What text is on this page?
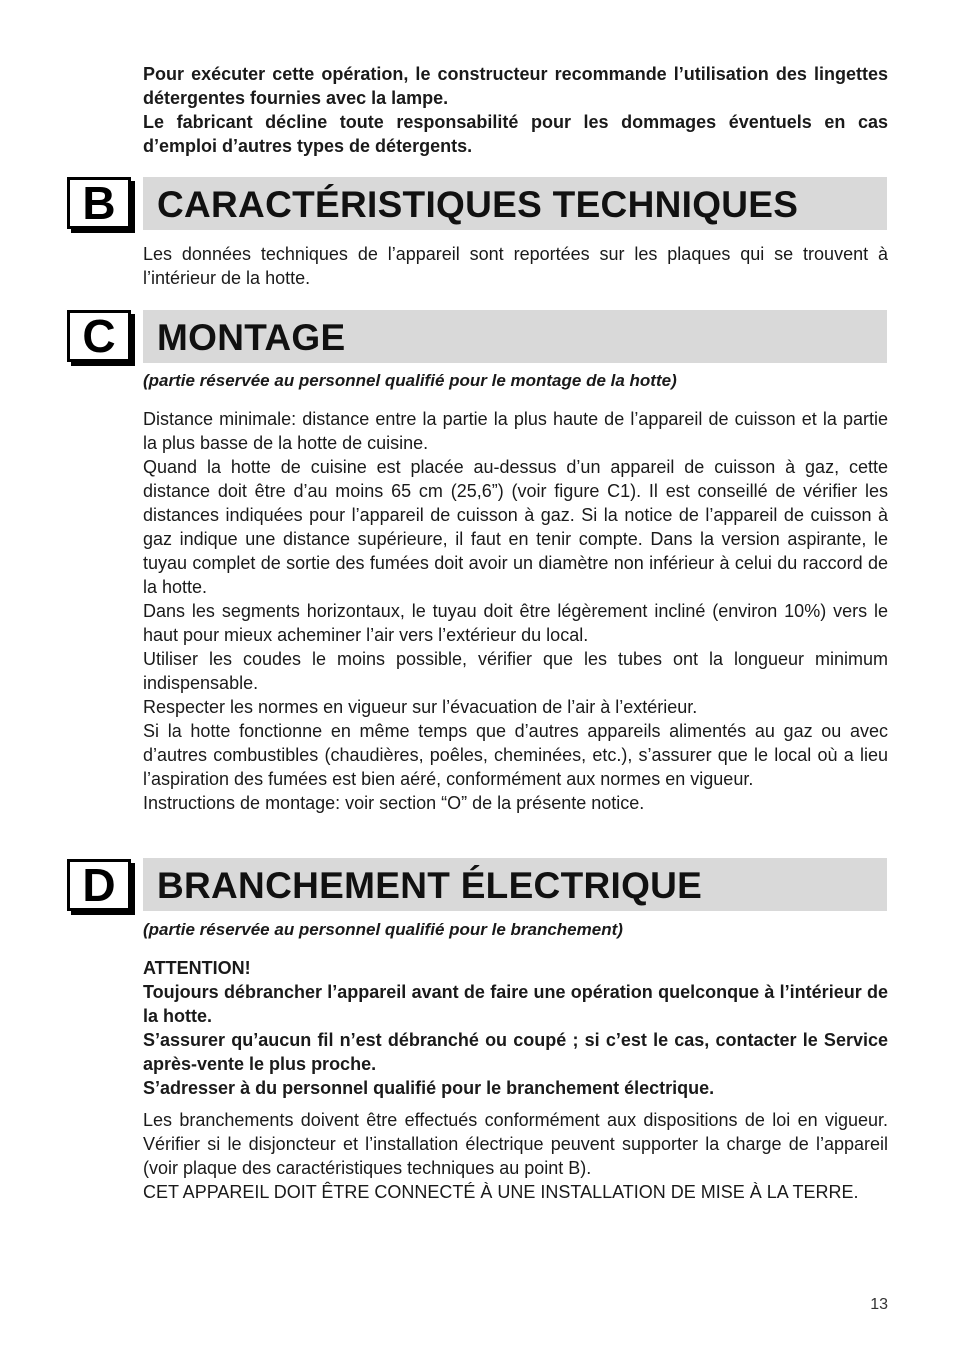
Pour exécuter cette opération, le constructeur recommande l’utilisation des lingettes détergentes fournies avec la lampe.

Le fabricant décline toute responsabilité pour les dommages éventuels en cas d’emploi d’autres types de détergents.

B	CARACTÉRISTIQUES TECHNIQUES

Les données techniques de l’appareil sont reportées sur les plaques qui se trouvent à l’intérieur de la hotte.

C	MONTAGE

(partie réservée au personnel qualifié pour le montage de la hotte)

Distance minimale: distance entre la partie la plus haute de l’appareil de cuisson et la partie la plus basse de la hotte de cuisine.

Quand la hotte de cuisine est placée au-dessus d’un appareil de cuisson à gaz, cette distance doit être d’au moins 65 cm (25,6”) (voir figure C1). Il est conseillé de vérifier les distances indiquées pour l’appareil de cuisson à gaz. Si la notice de l’appareil de cuisson à gaz indique une distance supérieure, il faut en tenir compte. Dans la version aspirante, le tuyau complet de sortie des fumées doit avoir un diamètre non inférieur à celui du raccord de la hotte.

Dans les segments horizontaux, le tuyau doit être légèrement incliné (environ 10%) vers le haut pour mieux acheminer l’air vers l’extérieur du local.

Utiliser les coudes le moins possible, vérifier que les tubes ont la longueur minimum indispensable.

Respecter les normes en vigueur sur l’évacuation de l’air à l’extérieur.

Si la hotte fonctionne en même temps que d’autres appareils alimentés au gaz ou avec d’autres combustibles (chaudières, poêles, cheminées, etc.), s’assurer que le local où a lieu l’aspiration des fumées est bien aéré, conformément aux normes en vigueur.

Instructions de montage: voir section “O” de la présente notice.

D	BRANCHEMENT ÉLECTRIQUE

(partie réservée au personnel qualifié pour le branchement)

ATTENTION!

Toujours débrancher l’appareil avant de faire une opération quelconque à l’intérieur de la hotte.

S’assurer qu’aucun fil n’est débranché ou coupé ; si c’est le cas, contacter le Service après-vente le plus proche.

S’adresser à du personnel qualifié pour le branchement électrique.

Les branchements doivent être effectués conformément aux dispositions de loi en vigueur. Vérifier si le disjoncteur et l’installation électrique peuvent supporter la charge de l’appareil (voir plaque des caractéristiques techniques au point B).

CET APPAREIL DOIT ÊTRE CONNECTÉ À UNE INSTALLATION DE MISE À LA TERRE.

13
